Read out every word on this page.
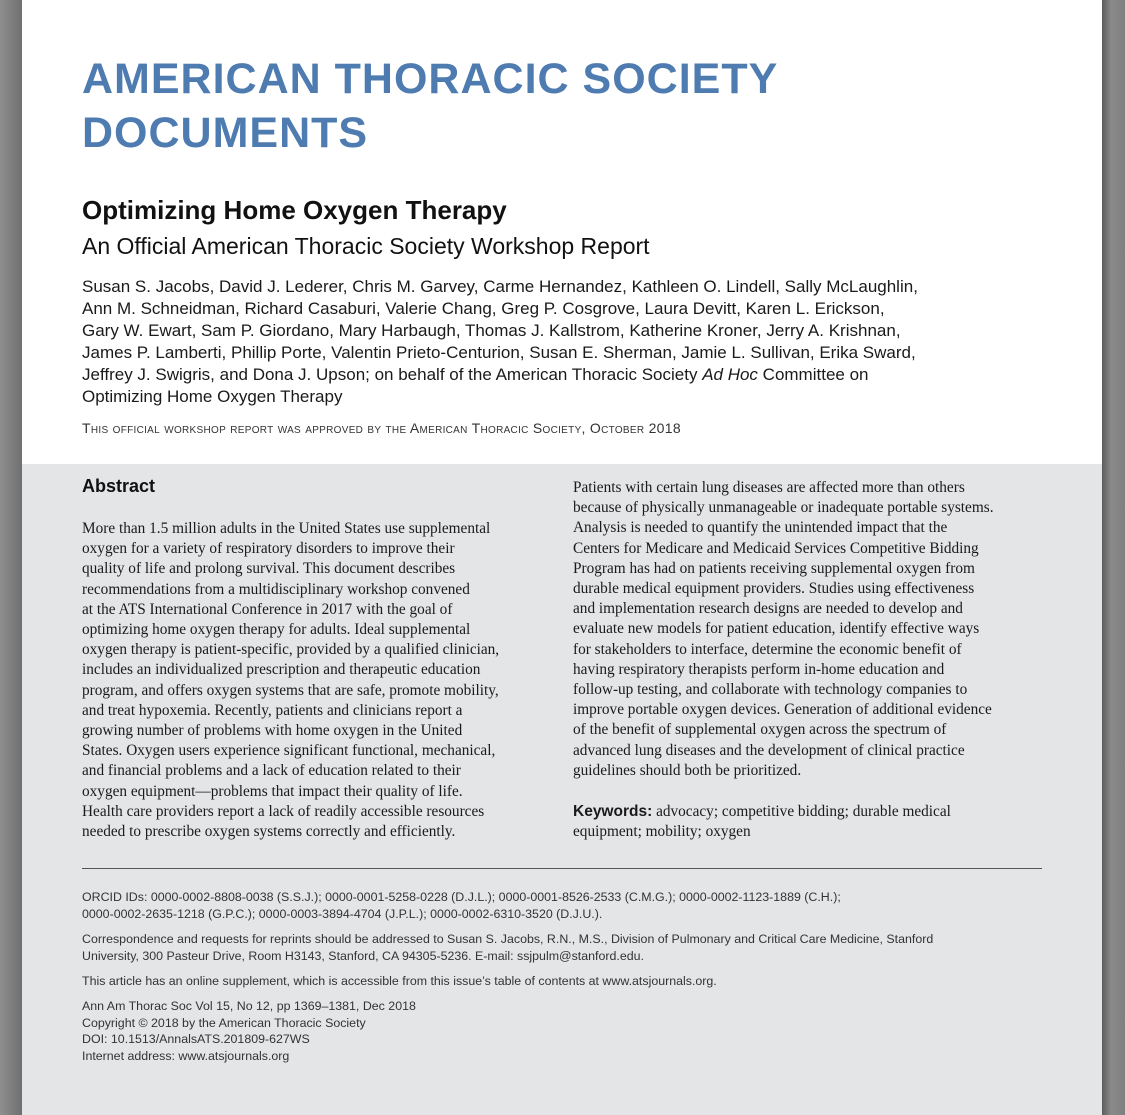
AMERICAN THORACIC SOCIETY
DOCUMENTS
Optimizing Home Oxygen Therapy
An Official American Thoracic Society Workshop Report
Susan S. Jacobs, David J. Lederer, Chris M. Garvey, Carme Hernandez, Kathleen O. Lindell, Sally McLaughlin,
Ann M. Schneidman, Richard Casaburi, Valerie Chang, Greg P. Cosgrove, Laura Devitt, Karen L. Erickson,
Gary W. Ewart, Sam P. Giordano, Mary Harbaugh, Thomas J. Kallstrom, Katherine Kroner, Jerry A. Krishnan,
James P. Lamberti, Phillip Porte, Valentin Prieto-Centurion, Susan E. Sherman, Jamie L. Sullivan, Erika Sward,
Jeffrey J. Swigris, and Dona J. Upson; on behalf of the American Thoracic Society Ad Hoc Committee on
Optimizing Home Oxygen Therapy

This official workshop report was approved by the American Thoracic Society, October 2018

Abstract
More than 1.5 million adults in the United States use supplemental
oxygen for a variety of respiratory disorders to improve their
quality of life and prolong survival. This document describes
recommendations from a multidisciplinary workshop convened
at the ATS International Conference in 2017 with the goal of
optimizing home oxygen therapy for adults. Ideal supplemental
oxygen therapy is patient-specific, provided by a qualified clinician,
includes an individualized prescription and therapeutic education
program, and offers oxygen systems that are safe, promote mobility,
and treat hypoxemia. Recently, patients and clinicians report a
growing number of problems with home oxygen in the United
States. Oxygen users experience significant functional, mechanical,
and financial problems and a lack of education related to their
oxygen equipment—problems that impact their quality of life.
Health care providers report a lack of readily accessible resources
needed to prescribe oxygen systems correctly and efficiently.
Patients with certain lung diseases are affected more than others
because of physically unmanageable or inadequate portable systems.
Analysis is needed to quantify the unintended impact that the
Centers for Medicare and Medicaid Services Competitive Bidding
Program has had on patients receiving supplemental oxygen from
durable medical equipment providers. Studies using effectiveness
and implementation research designs are needed to develop and
evaluate new models for patient education, identify effective ways
for stakeholders to interface, determine the economic benefit of
having respiratory therapists perform in-home education and
follow-up testing, and collaborate with technology companies to
improve portable oxygen devices. Generation of additional evidence
of the benefit of supplemental oxygen across the spectrum of
advanced lung diseases and the development of clinical practice
guidelines should both be prioritized.
Keywords: advocacy; competitive bidding; durable medical
equipment; mobility; oxygen

ORCID IDs: 0000-0002-8808-0038 (S.S.J.); 0000-0001-5258-0228 (D.J.L.); 0000-0001-8526-2533 (C.M.G.); 0000-0002-1123-1889 (C.H.);
0000-0002-2635-1218 (G.P.C.); 0000-0003-3894-4704 (J.P.L.); 0000-0002-6310-3520 (D.J.U.).

Correspondence and requests for reprints should be addressed to Susan S. Jacobs, R.N., M.S., Division of Pulmonary and Critical Care Medicine, Stanford
University, 300 Pasteur Drive, Room H3143, Stanford, CA 94305-5236. E-mail: ssjpulm@stanford.edu.

This article has an online supplement, which is accessible from this issue’s table of contents at www.atsjournals.org.

Ann Am Thorac Soc Vol 15, No 12, pp 1369–1381, Dec 2018
Copyright © 2018 by the American Thoracic Society
DOI: 10.1513/AnnalsATS.201809-627WS
Internet address: www.atsjournals.org
